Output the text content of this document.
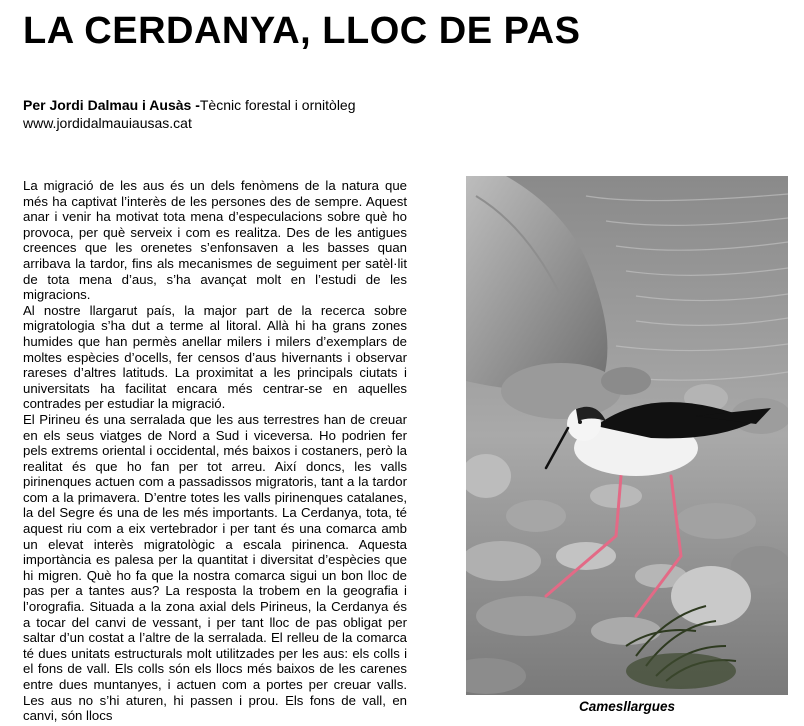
LA CERDANYA, LLOC DE PAS
Per Jordi Dalmau i Ausàs -Tècnic forestal i ornitòleg
www.jordidalmauiausas.cat

La migració de les aus és un dels fenòmens de la natura que més ha captivat l’interès de les persones des de sempre. Aquest anar i venir ha motivat tota mena d’especulacions sobre què ho provoca, per què serveix i com es realitza. Des de les antigues creences que les orenetes s’enfonsaven a les basses quan arribava la tardor, fins als mecanismes de seguiment per satèl·lit de tota mena d’aus, s’ha avançat molt en l’estudi de les migracions.

Al nostre llargarut país, la major part de la recerca sobre migratologia s’ha dut a terme al litoral. Allà hi ha grans zones humides que han permès anellar milers i milers d’exemplars de moltes espècies d’ocells, fer censos d’aus hivernants i observar rareses d’altres latituds. La proximitat a les principals ciutats i universitats ha facilitat encara més centrar-se en aquelles contrades per estudiar la migració.

El Pirineu és una serralada que les aus terrestres han de creuar en els seus viatges de Nord a Sud i viceversa. Ho podrien fer pels extrems oriental i occidental, més baixos i costaners, però la realitat és que ho fan per tot arreu. Així doncs, les valls pirinenques actuen com a passadissos migratoris, tant a la tardor com a la primavera. D’entre totes les valls pirinenques catalanes, la del Segre és una de les més importants. La Cerdanya, tota, té aquest riu com a eix vertebrador i per tant és una comarca amb un elevat interès migratològic a escala pirinenca. Aquesta importància es palesa per la quantitat i diversitat d’espècies que hi migren. Què ho fa que la nostra comarca sigui un bon lloc de pas per a tantes aus? La resposta la trobem en la geografia i l’orografia. Situada a la zona axial dels Pirineus, la Cerdanya és a tocar del canvi de vessant, i per tant lloc de pas obligat per saltar d’un costat a l’altre de la serralada. El relleu de la comarca té dues unitats estructurals molt utilitzades per les aus: els colls i el fons de vall. Els colls són els llocs més baixos de les carenes entre dues muntanyes, i actuen com a portes per creuar valls. Les aus no s’hi aturen, hi passen i prou. Els fons de vall, en canvi, són llocs

Camesllargues
